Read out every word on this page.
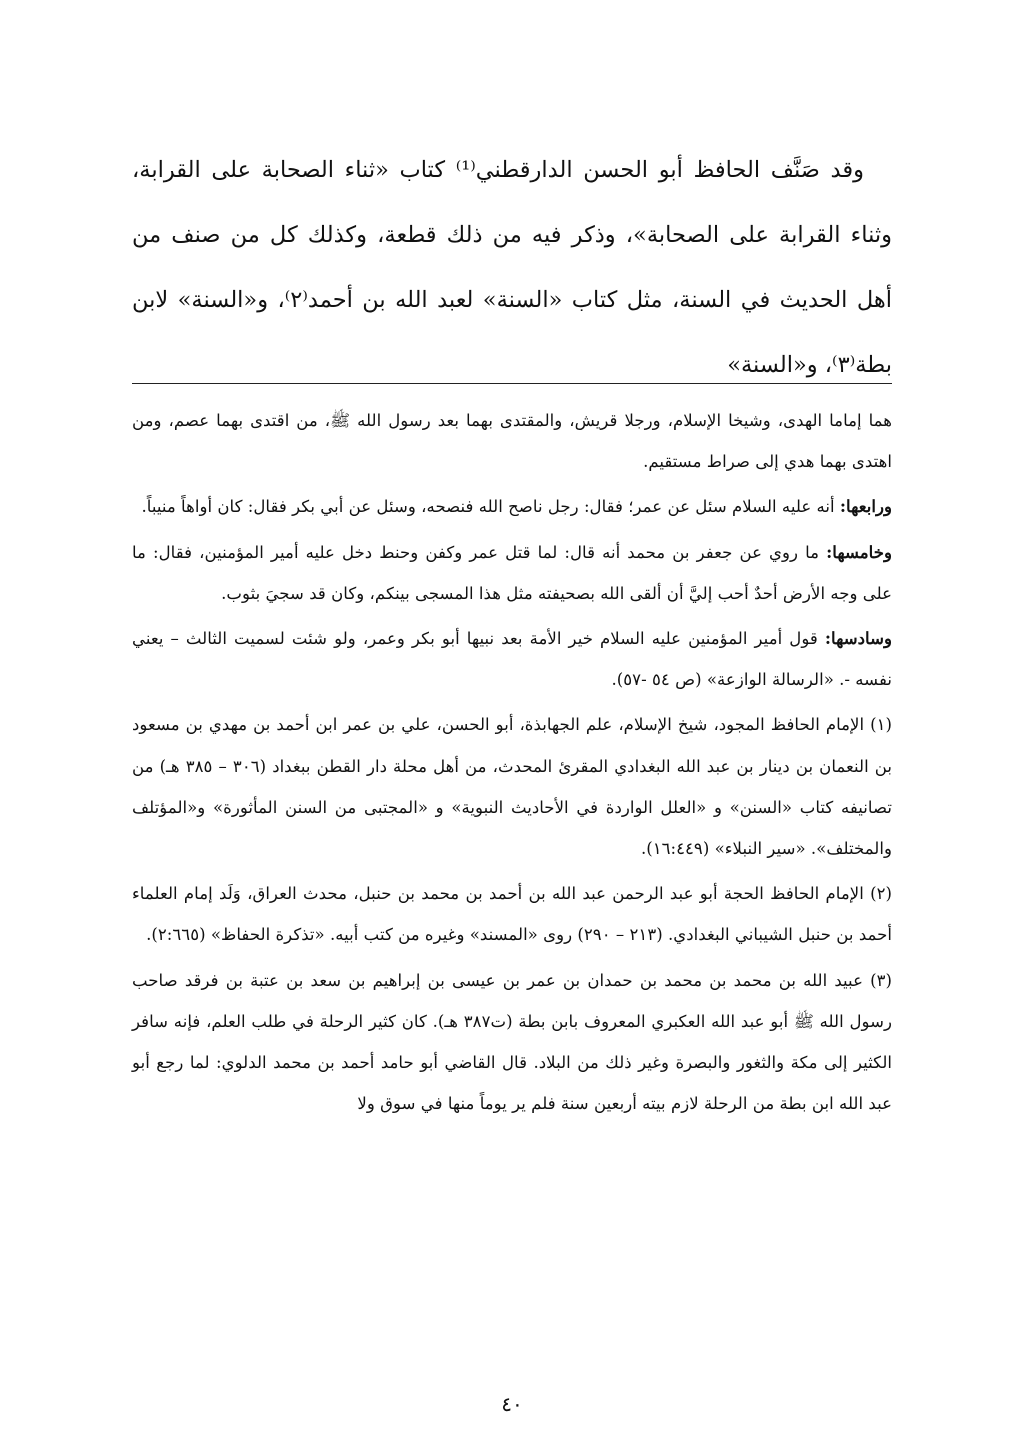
وقد صَنَّف الحافظ أبو الحسن الدارقطني⁽¹⁾ كتاب «ثناء الصحابة على القرابة، وثناء القرابة على الصحابة»، وذكر فيه من ذلك قطعة، وكذلك كل من صنف من أهل الحديث في السنة، مثل كتاب «السنة» لعبد الله بن أحمد⁽٢⁾، و«السنة» لابن بطة⁽٣⁾، و«السنة»

هما إماما الهدى، وشيخا الإسلام، ورجلا قريش، والمقتدى بهما بعد رسول الله ﷺ، من اقتدى بهما عصم، ومن اهتدى بهما هدي إلى صراط مستقيم.

ورابعها: أنه عليه السلام سئل عن عمر؛ فقال: رجل ناصح الله فنصحه، وسئل عن أبي بكر فقال: كان أواهاً منيباً.

وخامسها: ما روي عن جعفر بن محمد أنه قال: لما قتل عمر وكفن وحنط دخل عليه أمير المؤمنين، فقال: ما على وجه الأرض أحدٌ أحب إليَّ أن ألقى الله بصحيفته مثل هذا المسجى بينكم، وكان قد سجيَ بثوب.

وسادسها: قول أمير المؤمنين عليه السلام خير الأمة بعد نبيها أبو بكر وعمر، ولو شئت لسميت الثالث – يعني نفسه -. «الرسالة الوازعة» (ص ٥٤ -٥٧).

(١) الإمام الحافظ المجود، شيخ الإسلام، علم الجهابذة، أبو الحسن، علي بن عمر ابن أحمد بن مهدي بن مسعود بن النعمان بن دينار بن عبد الله البغدادي المقرئ المحدث، من أهل محلة دار القطن ببغداد (٣٠٦ – ٣٨٥ هـ) من تصانيفه كتاب «السنن» و «العلل الواردة في الأحاديث النبوية» و «المجتبى من السنن المأثورة» و«المؤتلف والمختلف». «سير النبلاء» (١٦:٤٤٩).

(٢) الإمام الحافظ الحجة أبو عبد الرحمن عبد الله بن أحمد بن محمد بن حنبل، محدث العراق، وَلَد إمام العلماء أحمد بن حنبل الشيباني البغدادي. (٢١٣ – ٢٩٠) روى «المسند» وغيره من كتب أبيه. «تذكرة الحفاظ» (٢:٦٦٥).

(٣) عبيد الله بن محمد بن محمد بن حمدان بن عمر بن عيسى بن إبراهيم بن سعد بن عتبة بن فرقد صاحب رسول الله ﷺ أبو عبد الله العكبري المعروف بابن بطة (ت٣٨٧ هـ). كان كثير الرحلة في طلب العلم، فإنه سافر الكثير إلى مكة والثغور والبصرة وغير ذلك من البلاد. قال القاضي أبو حامد أحمد بن محمد الدلوي: لما رجع أبو عبد الله ابن بطة من الرحلة لازم بيته أربعين سنة فلم ير يوماً منها في سوق ولا

٤٠
